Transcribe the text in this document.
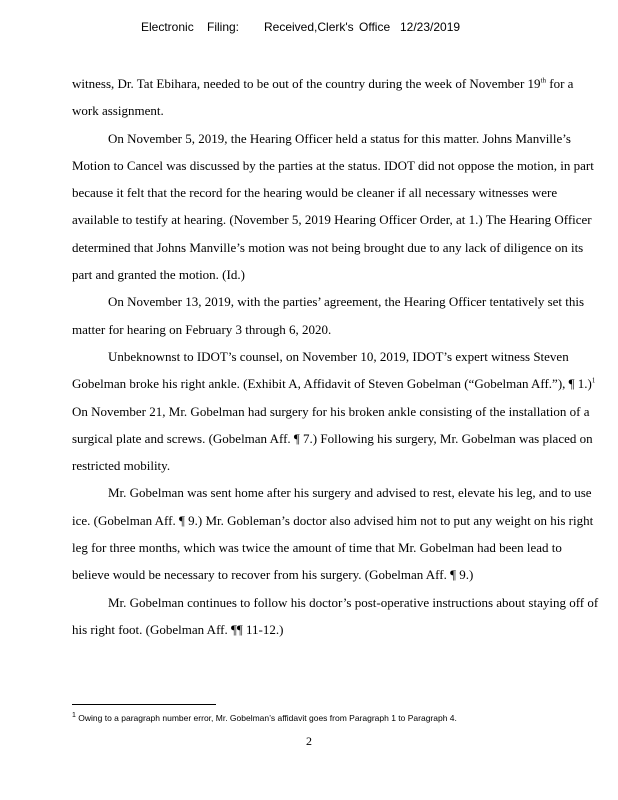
Electronic Filing: Received,Clerk's Office 12/23/2019

witness, Dr. Tat Ebihara, needed to be out of the country during the week of November 19th for a work assignment.

On November 5, 2019, the Hearing Officer held a status for this matter. Johns Manville’s Motion to Cancel was discussed by the parties at the status. IDOT did not oppose the motion, in part because it felt that the record for the hearing would be cleaner if all necessary witnesses were available to testify at hearing. (November 5, 2019 Hearing Officer Order, at 1.) The Hearing Officer determined that Johns Manville’s motion was not being brought due to any lack of diligence on its part and granted the motion. (Id.)

On November 13, 2019, with the parties’ agreement, the Hearing Officer tentatively set this matter for hearing on February 3 through 6, 2020.

Unbeknownst to IDOT’s counsel, on November 10, 2019, IDOT’s expert witness Steven Gobelman broke his right ankle. (Exhibit A, Affidavit of Steven Gobelman (“Gobelman Aff.”), ¶ 1.)$^1$ On November 21, Mr. Gobelman had surgery for his broken ankle consisting of the installation of a surgical plate and screws. (Gobelman Aff. ¶ 7.) Following his surgery, Mr. Gobelman was placed on restricted mobility.

Mr. Gobelman was sent home after his surgery and advised to rest, elevate his leg, and to use ice. (Gobelman Aff. ¶ 9.) Mr. Gobleman’s doctor also advised him not to put any weight on his right leg for three months, which was twice the amount of time that Mr. Gobelman had been lead to believe would be necessary to recover from his surgery. (Gobelman Aff. ¶ 9.)

Mr. Gobelman continues to follow his doctor’s post-operative instructions about staying off of his right foot. (Gobelman Aff. ¶¶ 11-12.)

$^1$ Owing to a paragraph number error, Mr. Gobelman’s affidavit goes from Paragraph 1 to Paragraph 4.
2
